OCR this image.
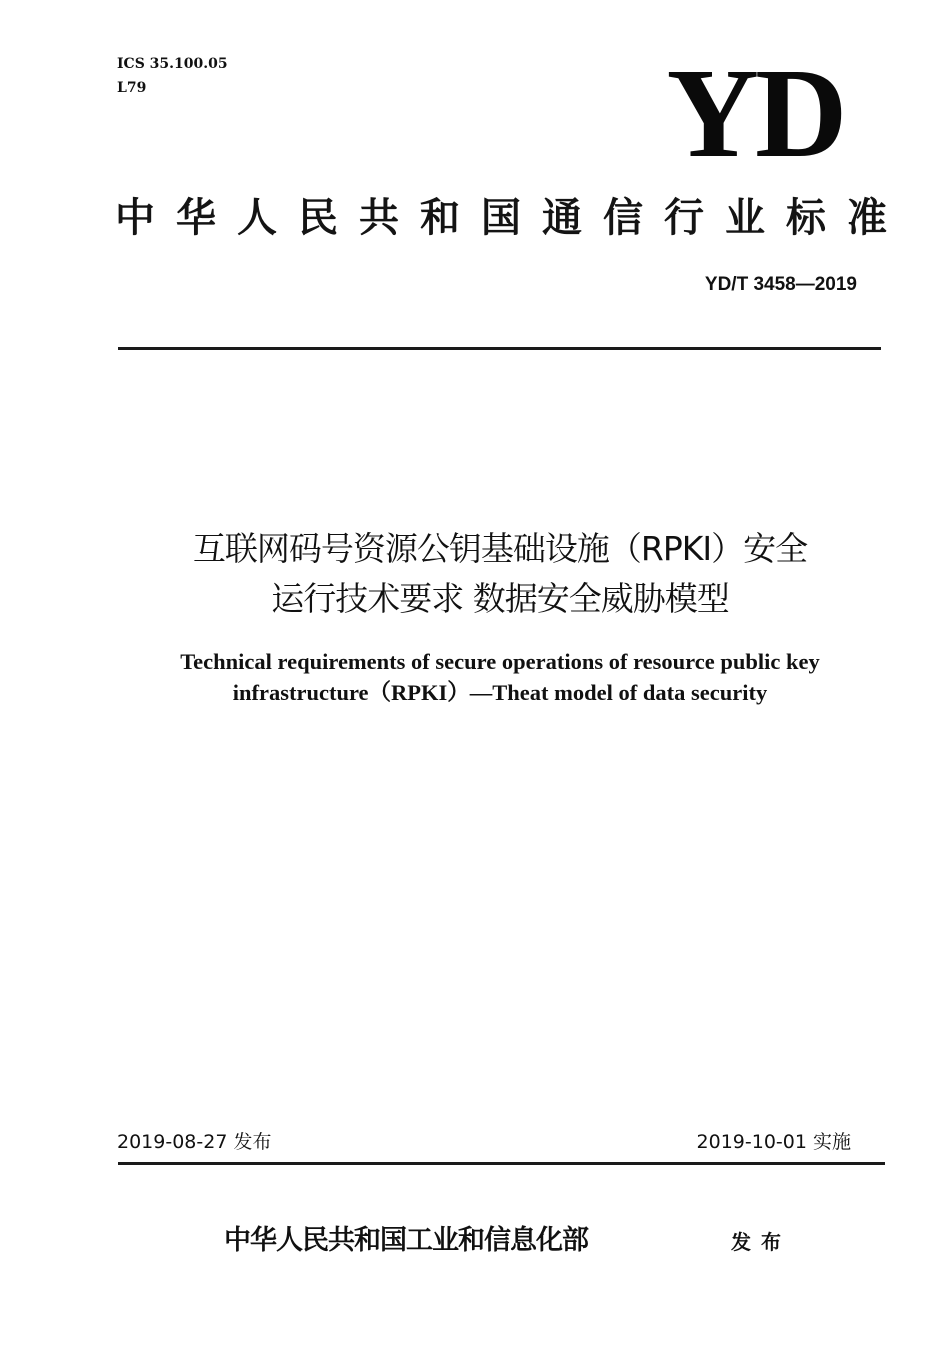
ICS 35.100.05
L79	YD
中华人民共和国通信行业标准
YD/T 3458—2019
互联网码号资源公钥基础设施（RPKI）安全
运行技术要求 数据安全威胁模型
Technical requirements of secure operations of resource public key
infrastructure（RPKI）—Theat model of data security
2019-08-27 发布	2019-10-01 实施
中华人民共和国工业和信息化部	发布
